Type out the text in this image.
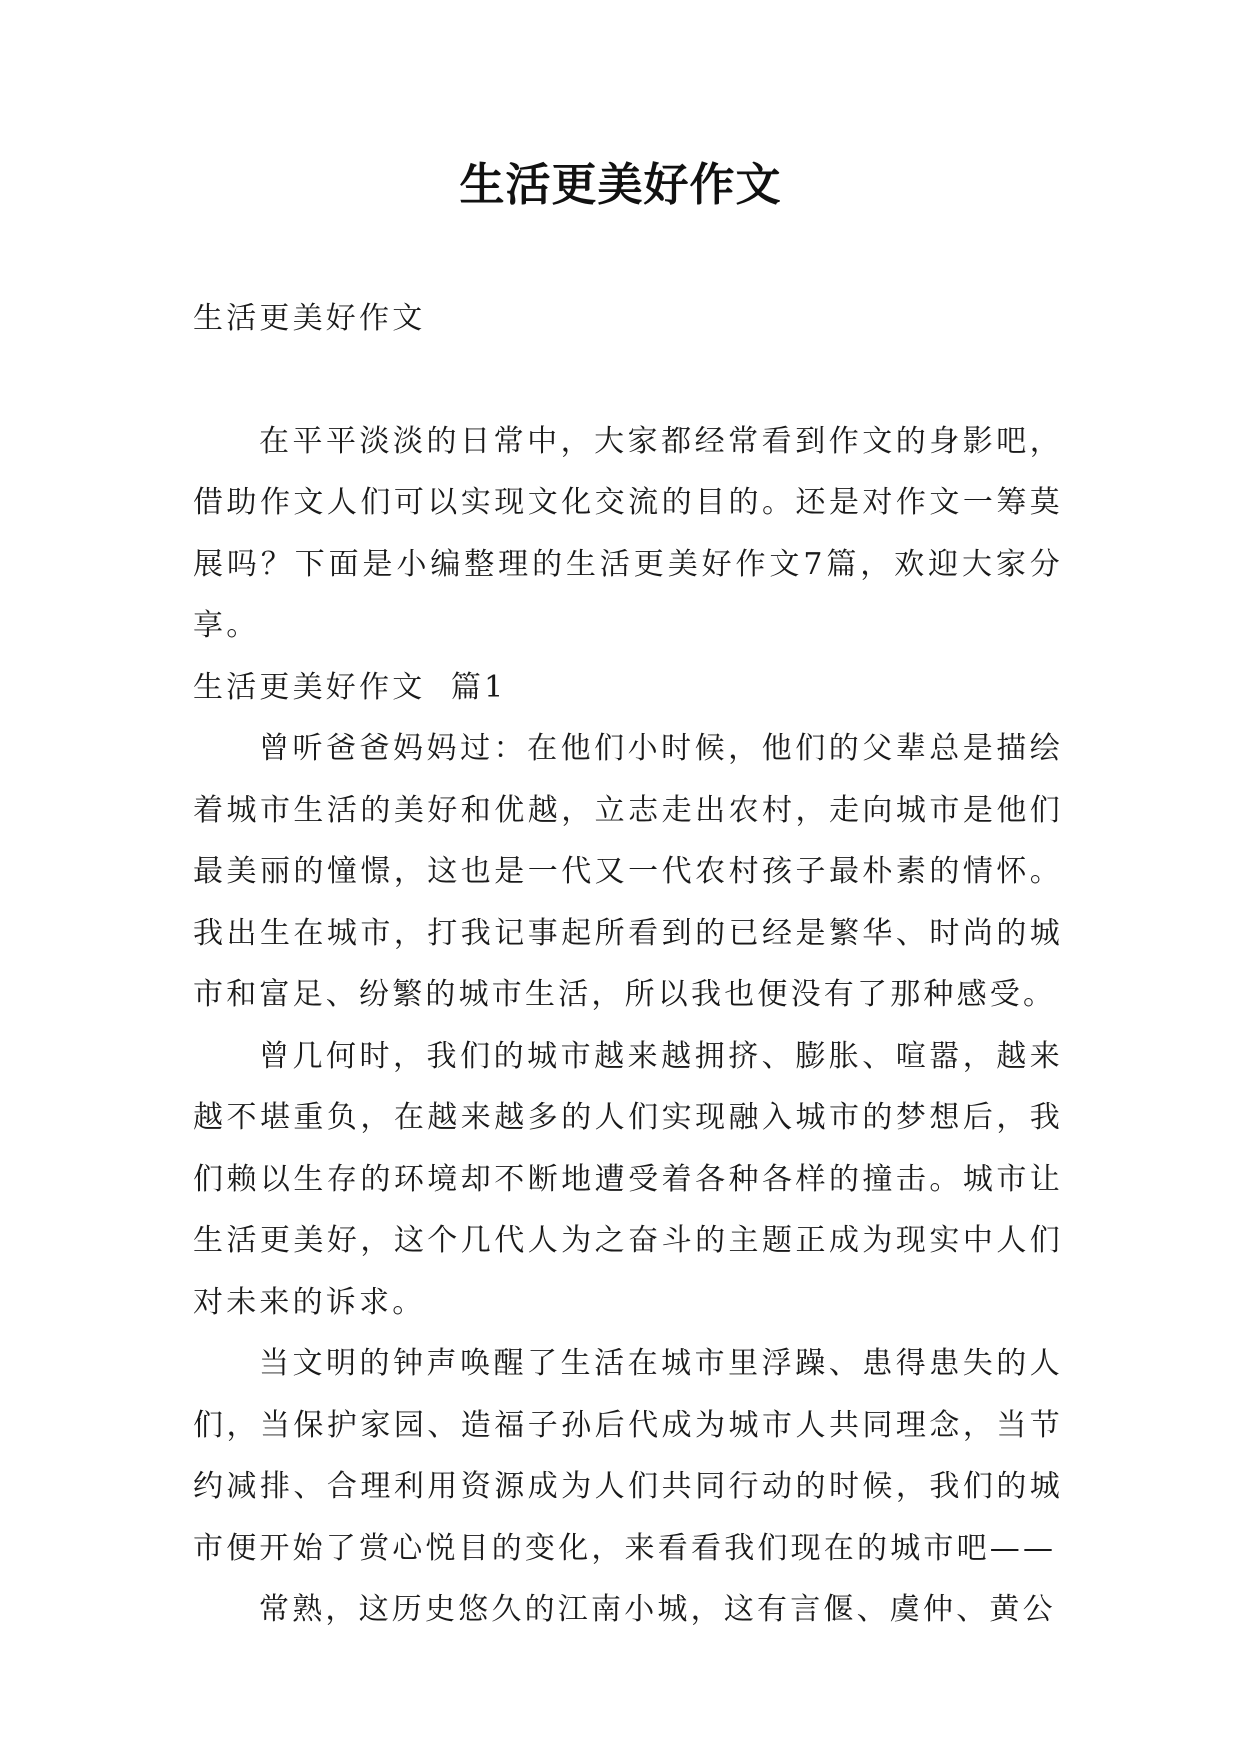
生活更美好作文

生活更美好作文

在平平淡淡的日常中，大家都经常看到作文的身影吧，借助作文人们可以实现文化交流的目的。还是对作文一筹莫展吗？下面是小编整理的生活更美好作文7篇，欢迎大家分享。

生活更美好作文  篇1

曾听爸爸妈妈过：在他们小时候，他们的父辈总是描绘着城市生活的美好和优越，立志走出农村，走向城市是他们最美丽的憧憬，这也是一代又一代农村孩子最朴素的情怀。我出生在城市，打我记事起所看到的已经是繁华、时尚的城市和富足、纷繁的城市生活，所以我也便没有了那种感受。

曾几何时，我们的城市越来越拥挤、膨胀、喧嚣，越来越不堪重负，在越来越多的人们实现融入城市的梦想后，我们赖以生存的环境却不断地遭受着各种各样的撞击。城市让生活更美好，这个几代人为之奋斗的主题正成为现实中人们对未来的诉求。

当文明的钟声唤醒了生活在城市里浮躁、患得患失的人们，当保护家园、造福子孙后代成为城市人共同理念，当节约减排、合理利用资源成为人们共同行动的时候，我们的城市便开始了赏心悦目的变化，来看看我们现在的城市吧——

常熟，这历史悠久的江南小城，这有言偃、虞仲、黄公
